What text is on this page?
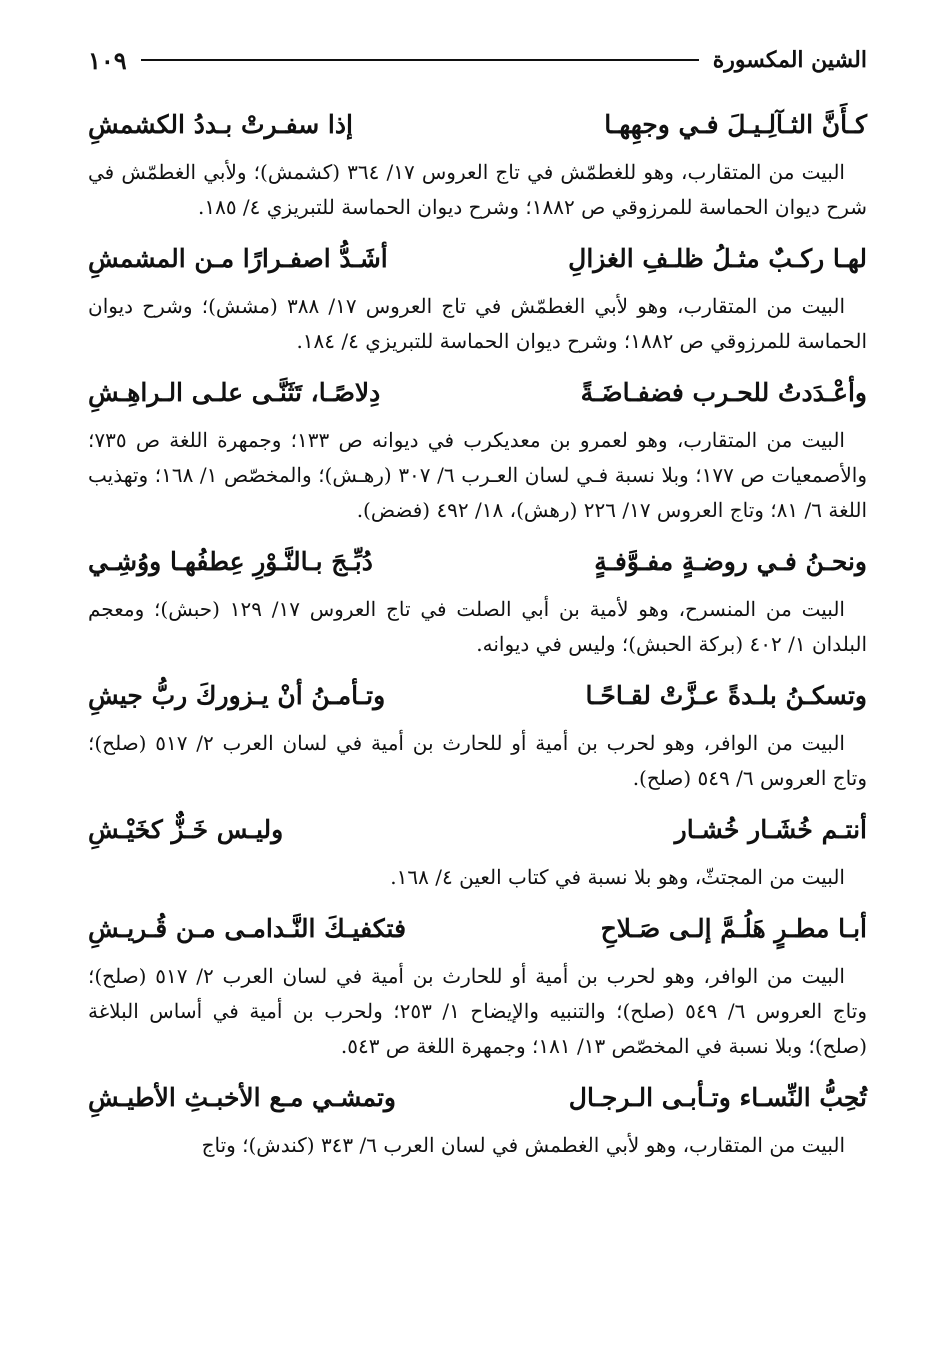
الشين المكسورة
١٠٩
كـأَنَّ الثـآلِـيـلَ فـي وجهِهـا
إذا سفـرتْ بـددُ الكشمشِ

البيت من المتقارب، وهو للغطمّش في تاج العروس ١٧/ ٣٦٤ (كشمش)؛ ولأبي الغطمّش في شرح ديوان الحماسة للمرزوقي ص ١٨٨٢؛ وشرح ديوان الحماسة للتبريزي ٤/ ١٨٥.

لهـا ركـبٌ مثـلُ ظلـفِ الغزالِ
أشَـدُّ اصفـرارًا مـن المشمشِ

البيت من المتقارب، وهو لأبي الغطمّش في تاج العروس ١٧/ ٣٨٨ (مشش)؛ وشرح ديوان الحماسة للمرزوقي ص ١٨٨٢؛ وشرح ديوان الحماسة للتبريزي ٤/ ١٨٤.

وأعْـدَدتُ للحـرب فضفـاضَـةً
دِلاصًـا، تَثَنَّـى علـى الـراهِـشِ

البيت من المتقارب، وهو لعمرو بن معديكرب في ديوانه ص ١٣٣؛ وجمهرة اللغة ص ٧٣٥؛ والأصمعيات ص ١٧٧؛ وبلا نسبة فـي لسان العـرب ٦/ ٣٠٧ (رهـش)؛ والمخصّص ١/ ١٦٨؛ وتهذيب اللغة ٦/ ٨١؛ وتاج العروس ١٧/ ٢٢٦ (رهش)، ١٨/ ٤٩٢ (فضض).

ونحـنُ فـي روضـةٍ مفـوَّفـةٍ
دُبِّـجَ بـالنَّـوْرِ عِطفُهـا ووُشِـي

البيت من المنسرح، وهو لأمية بن أبي الصلت في تاج العروس ١٧/ ١٢٩ (حبش)؛ ومعجم البلدان ١/ ٤٠٢ (بركة الحبش)؛ وليس في ديوانه.

وتسكـنُ بلـدةً عـزَّتْ لقـاحًـا
وتـأمـنُ أنْ يـزوركَ ربُّ جيشِ

البيت من الوافر، وهو لحرب بن أمية أو للحارث بن أمية في لسان العرب ٢/ ٥١٧ (صلح)؛ وتاج العروس ٦/ ٥٤٩ (صلح).

أنتـم خُشَـار خُشـار
وليـس خَـزٌّ كخَيْـشِ

البيت من المجتثّ، وهو بلا نسبة في كتاب العين ٤/ ١٦٨.

أبـا مطـرٍ هَلُـمَّ إلـى صَـلاحِ
فتكفيـكَ النَّـدامـى مـن قُـريـشِ

البيت من الوافر، وهو لحرب بن أمية أو للحارث بن أمية في لسان العرب ٢/ ٥١٧ (صلح)؛ وتاج العروس ٦/ ٥٤٩ (صلح)؛ والتنبيه والإيضاح ١/ ٢٥٣؛ ولحرب بن أمية في أساس البلاغة (صلح)؛ وبلا نسبة في المخصّص ١٣/ ١٨١؛ وجمهرة اللغة ص ٥٤٣.

تُحِبُّ النِّسـاء وتـأبـى الـرجـال
وتمشـي مـع الأخبـثِ الأطيـشِ

البيت من المتقارب، وهو لأبي الغطمش في لسان العرب ٦/ ٣٤٣ (كندش)؛ وتاج
